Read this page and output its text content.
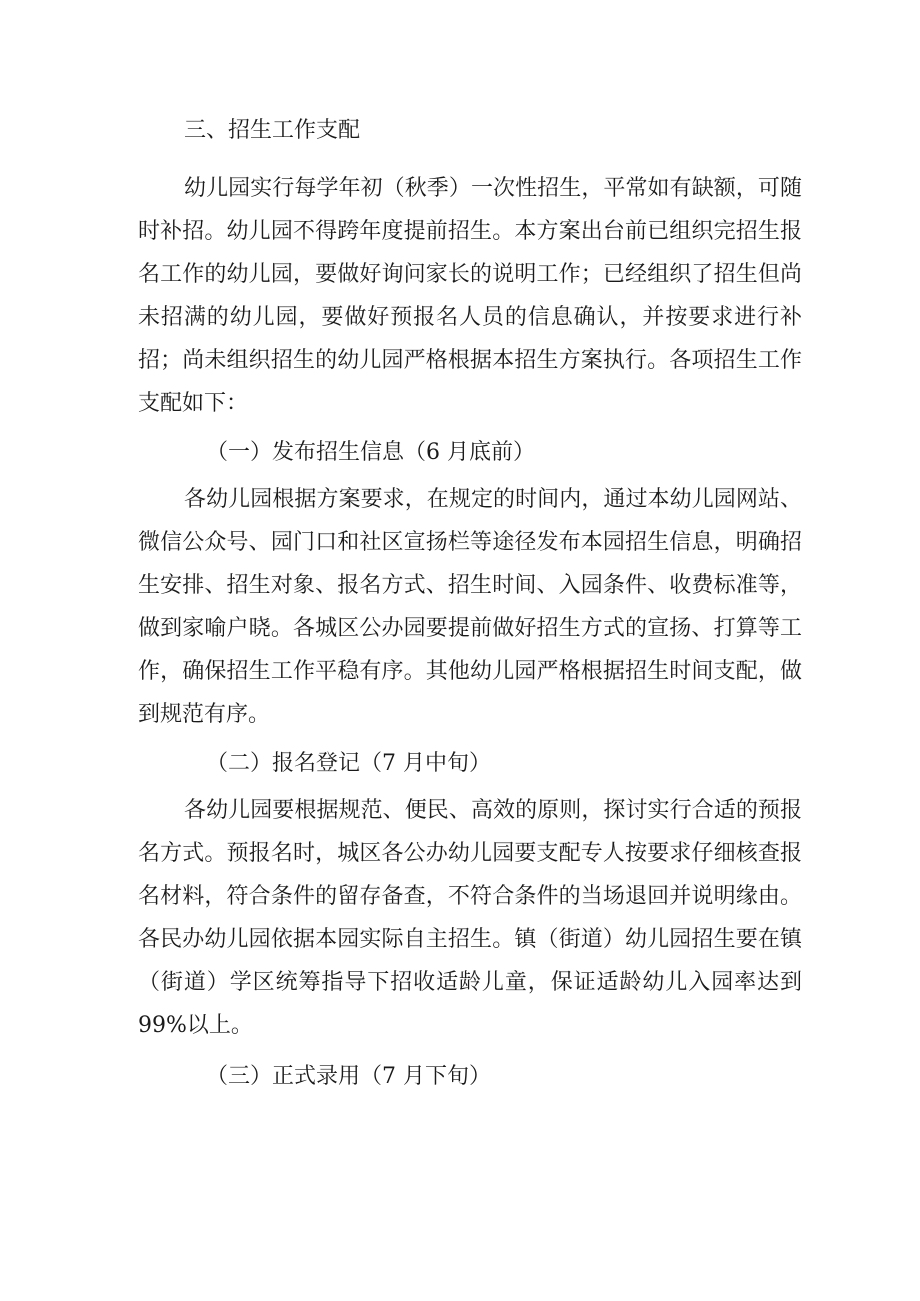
三、招生工作支配

幼儿园实行每学年初（秋季）一次性招生，平常如有缺额，可随时补招。幼儿园不得跨年度提前招生。本方案出台前已组织完招生报名工作的幼儿园，要做好询问家长的说明工作；已经组织了招生但尚未招满的幼儿园，要做好预报名人员的信息确认，并按要求进行补招；尚未组织招生的幼儿园严格根据本招生方案执行。各项招生工作支配如下：

（一）发布招生信息（6 月底前）

各幼儿园根据方案要求，在规定的时间内，通过本幼儿园网站、微信公众号、园门口和社区宣扬栏等途径发布本园招生信息，明确招生安排、招生对象、报名方式、招生时间、入园条件、收费标准等，做到家喻户晓。各城区公办园要提前做好招生方式的宣扬、打算等工作，确保招生工作平稳有序。其他幼儿园严格根据招生时间支配，做到规范有序。

（二）报名登记（7 月中旬）

各幼儿园要根据规范、便民、高效的原则，探讨实行合适的预报名方式。预报名时，城区各公办幼儿园要支配专人按要求仔细核查报名材料，符合条件的留存备查，不符合条件的当场退回并说明缘由。各民办幼儿园依据本园实际自主招生。镇（街道）幼儿园招生要在镇（街道）学区统筹指导下招收适龄儿童，保证适龄幼儿入园率达到 99%以上。

（三）正式录用（7 月下旬）
